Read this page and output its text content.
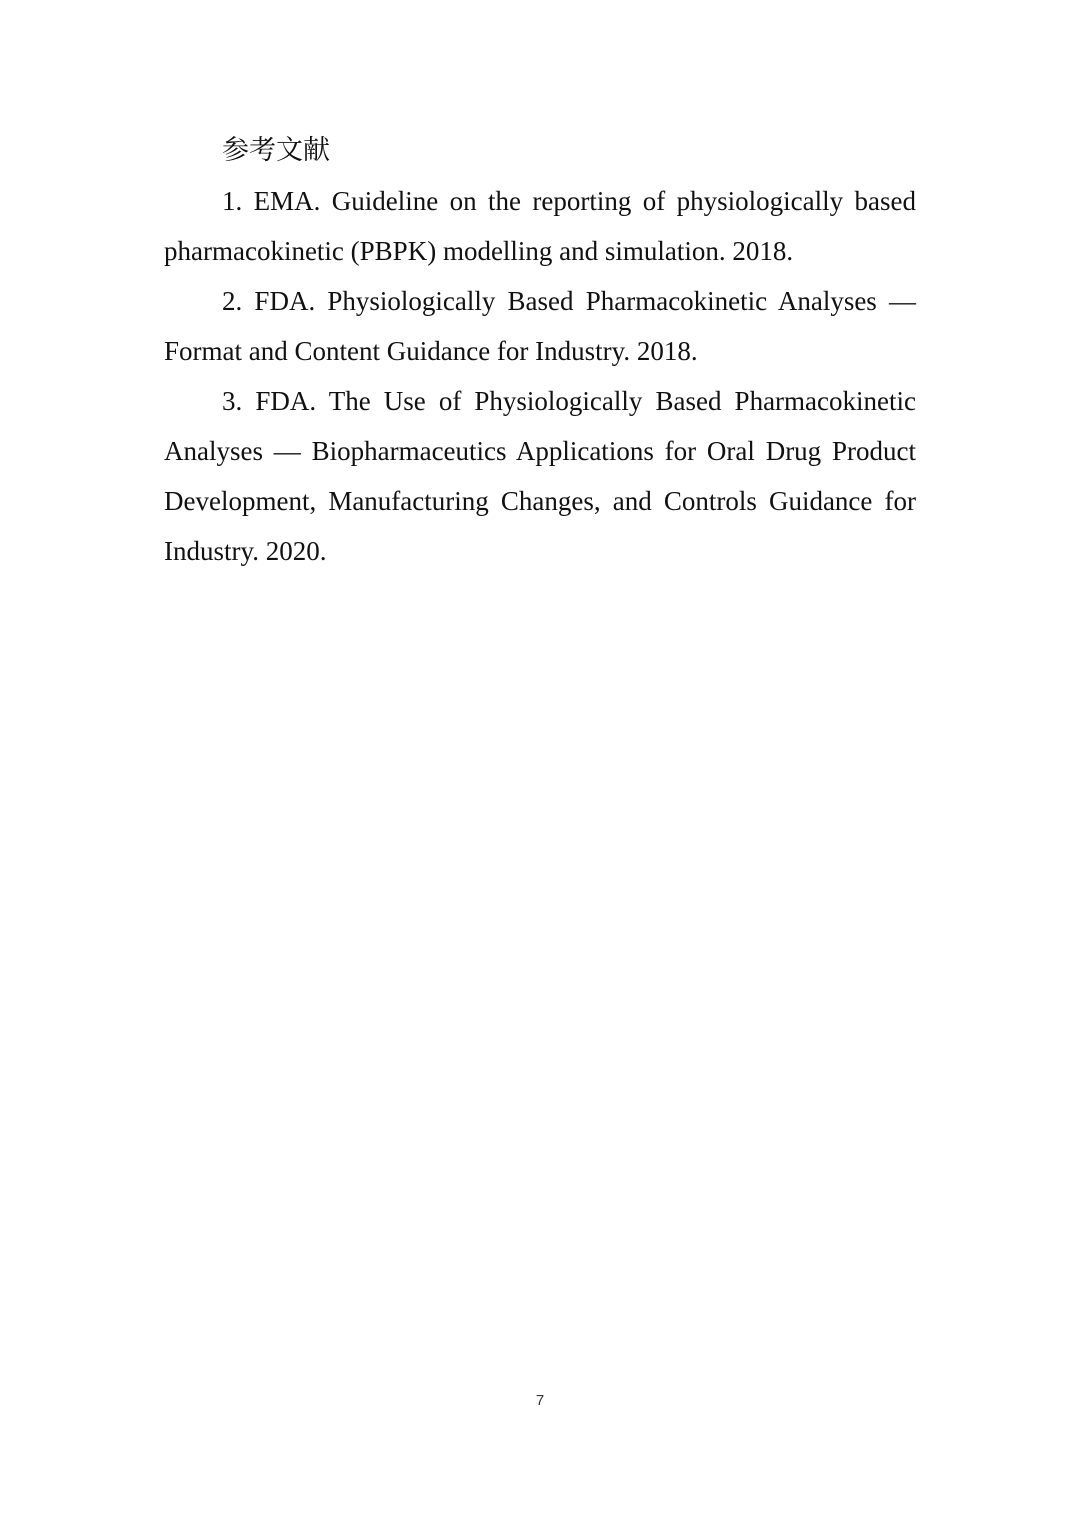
参考文献

1. EMA. Guideline on the reporting of physiologically based pharmacokinetic (PBPK) modelling and simulation. 2018.

2. FDA. Physiologically Based Pharmacokinetic Analyses — Format and Content Guidance for Industry. 2018.

3. FDA. The Use of Physiologically Based Pharmacokinetic Analyses — Biopharmaceutics Applications for Oral Drug Product Development, Manufacturing Changes, and Controls Guidance for Industry. 2020.

7
